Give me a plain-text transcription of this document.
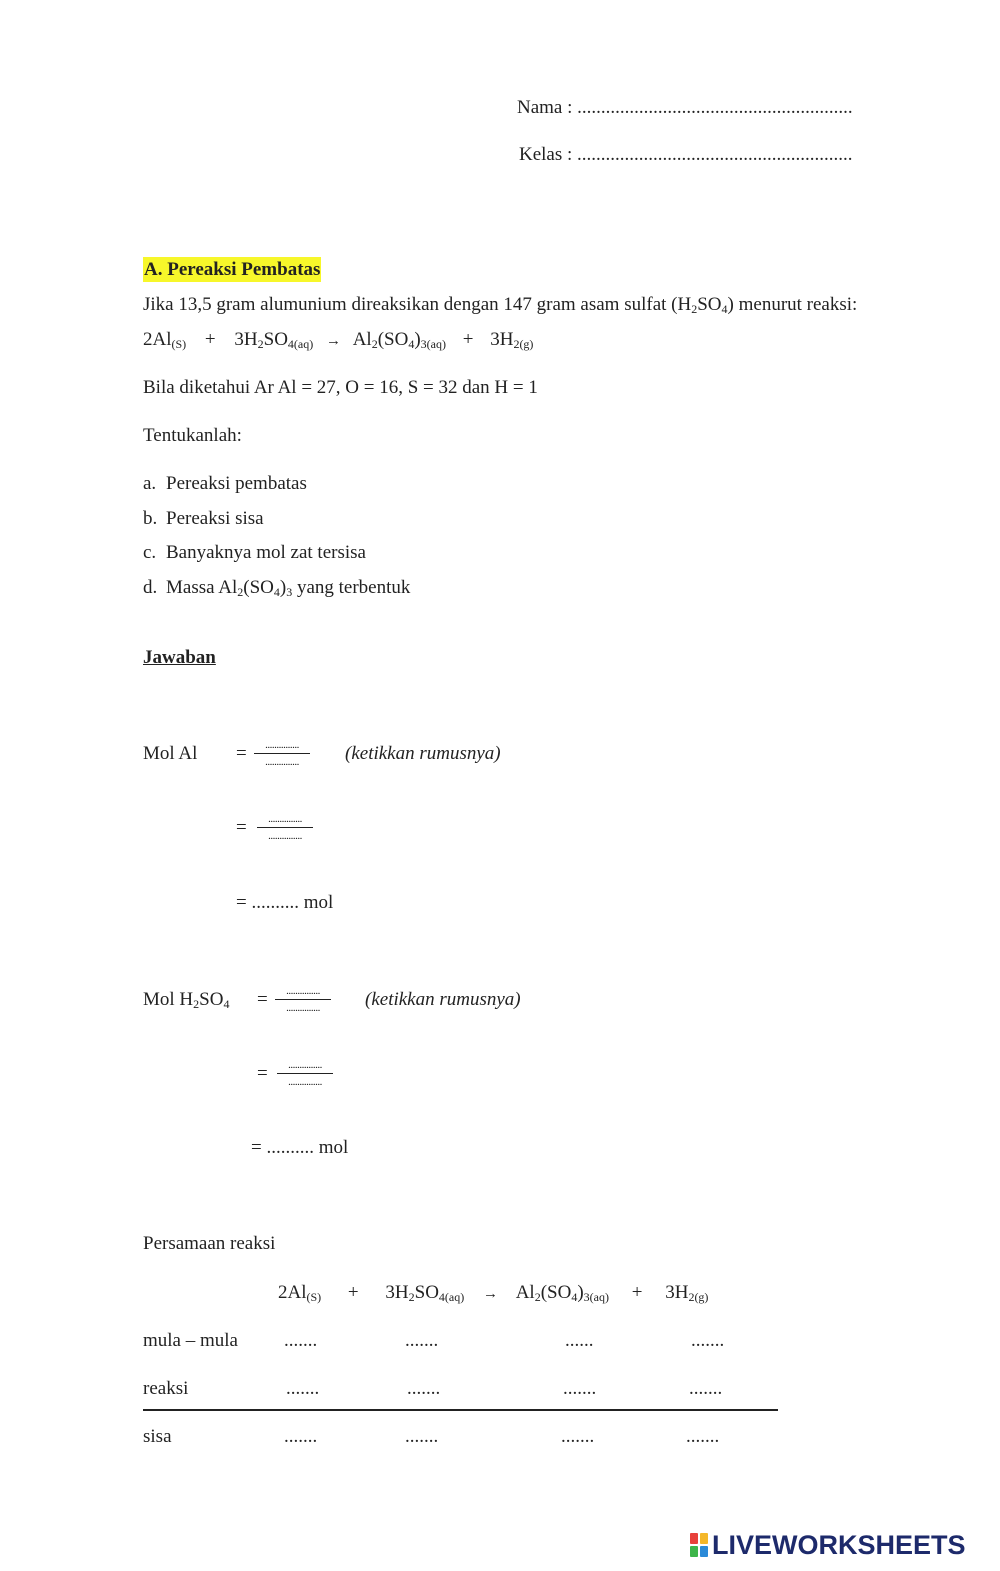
Nama : ..........................................................
Kelas : ..........................................................
A. Pereaksi Pembatas
Jika 13,5 gram alumunium direaksikan dengan 147 gram asam sulfat $(H_2SO_4)$ menurut reaksi:
$2Al_{(S)} + 3H_2SO_{4(aq)} \to Al_2(SO_4)_{3(aq)} + 3H_{2(g)}$
Bila diketahui Ar Al = 27, O = 16, S = 32 dan H = 1
Tentukanlah:
a. Pereaksi pembatas
b. Pereaksi sisa
c. Banyaknya mol zat tersisa
d. Massa $Al_2(SO_4)_3$ yang terbentuk
Jawaban
Mol Al =	...............
...............	(ketikkan rumusnya)
=	...............
...............
= .......... mol
Mol $H_2SO_4$ =	...............
...............	(ketikkan rumusnya)
=	...............
...............
= .......... mol
Persamaan reaksi
$2Al_{(S)} + 3H_2SO_{4(aq)} \to Al_2(SO_4)_{3(aq)} + 3H_{2(g)}$
mula – mula .......	.......	......	.......
reaksi	.......	.......	.......	.......
sisa	.......	.......	.......	.......
LIVEWORKSHEETS
